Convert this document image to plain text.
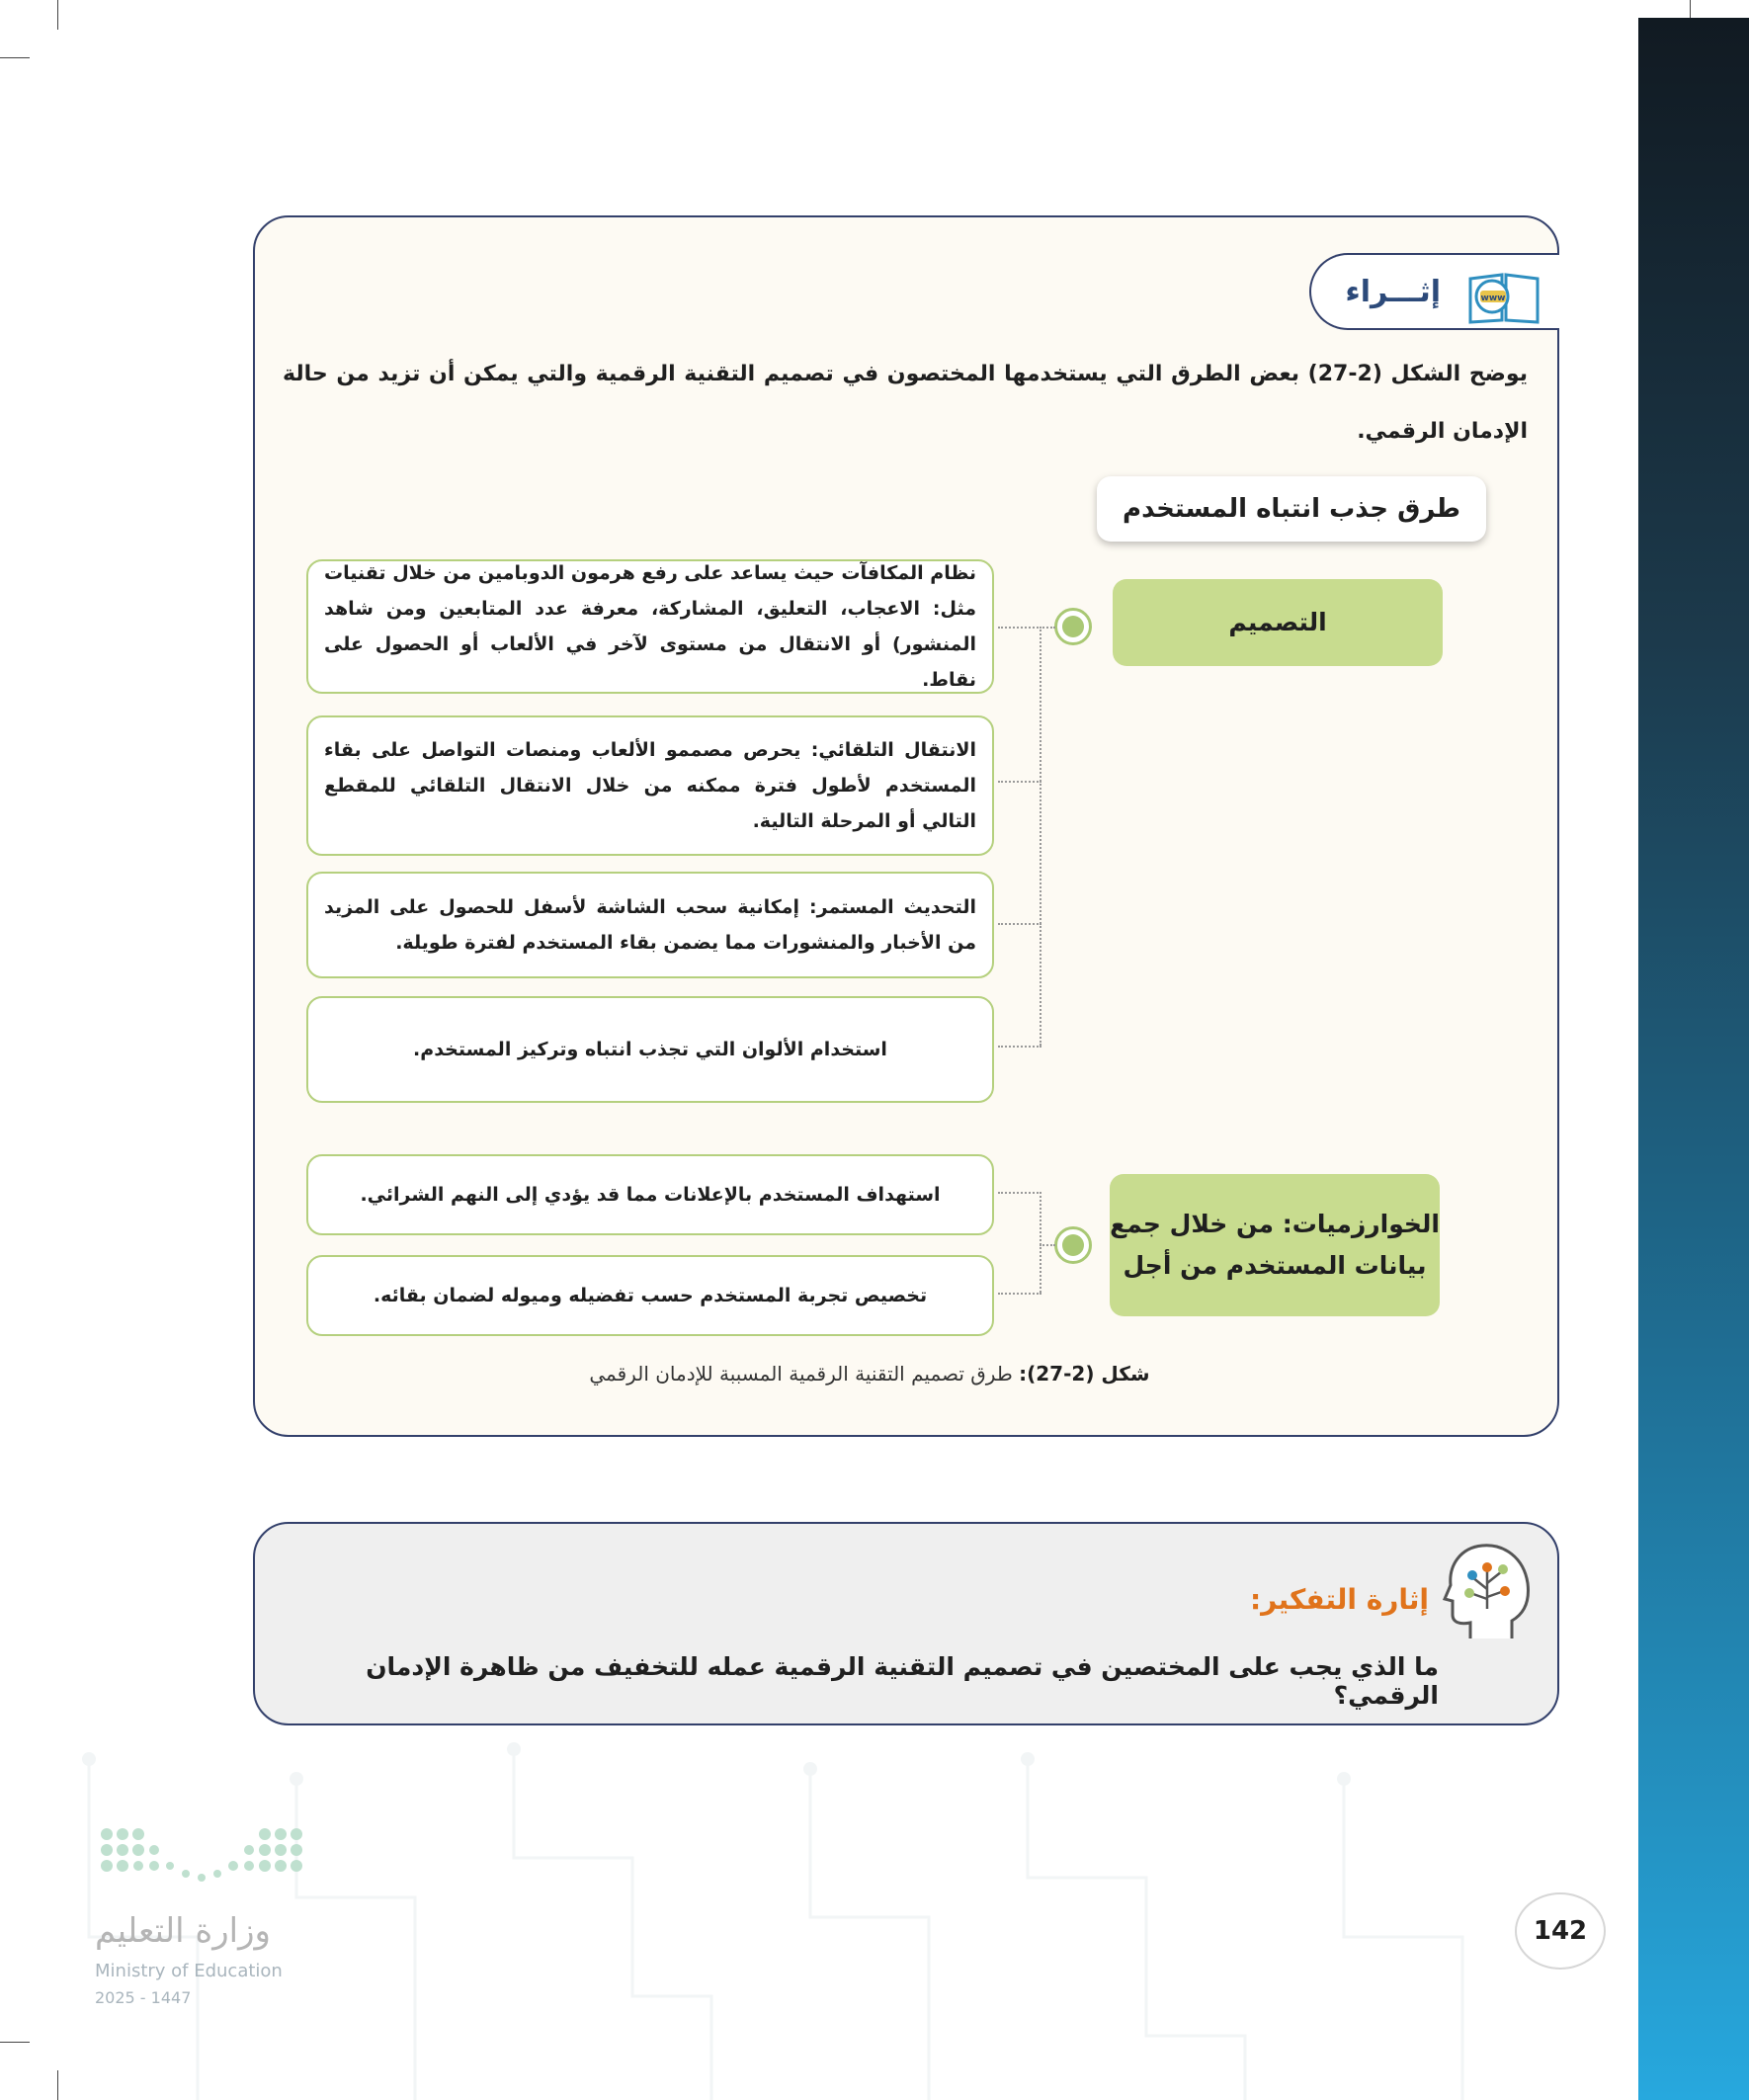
إثـــراء	www
يوضح الشكل (2-27) بعض الطرق التي يستخدمها المختصون في تصميم التقنية الرقمية والتي يمكن أن تزيد من حالة الإدمان الرقمي.
طرق جذب انتباه المستخدم
التصميم
الخوارزميات: من خلال جمع بيانات المستخدم من أجل
نظام المكافآت حيث يساعد على رفع هرمون الدوبامين من خلال تقنيات مثل: الاعجاب، التعليق، المشاركة، معرفة عدد المتابعين ومن شاهد المنشور) أو الانتقال من مستوى لآخر في الألعاب أو الحصول على نقاط.
الانتقال التلقائي: يحرص مصممو الألعاب ومنصات التواصل على بقاء المستخدم لأطول فترة ممكنه من خلال الانتقال التلقائي للمقطع التالي أو المرحلة التالية.
التحديث المستمر: إمكانية سحب الشاشة لأسفل للحصول على المزيد من الأخبار والمنشورات مما يضمن بقاء المستخدم لفترة طويلة.
استخدام الألوان التي تجذب انتباه وتركيز المستخدم.
استهداف المستخدم بالإعلانات مما قد يؤدي إلى النهم الشرائي.
تخصيص تجربة المستخدم حسب تفضيله وميوله لضمان بقائه.
شكل (2-27): طرق تصميم التقنية الرقمية المسببة للإدمان الرقمي
إثارة التفكير:
ما الذي يجب على المختصين في تصميم التقنية الرقمية عمله للتخفيف من ظاهرة الإدمان الرقمي؟
142
وزارة التعليم
Ministry of Education
2025 - 1447
